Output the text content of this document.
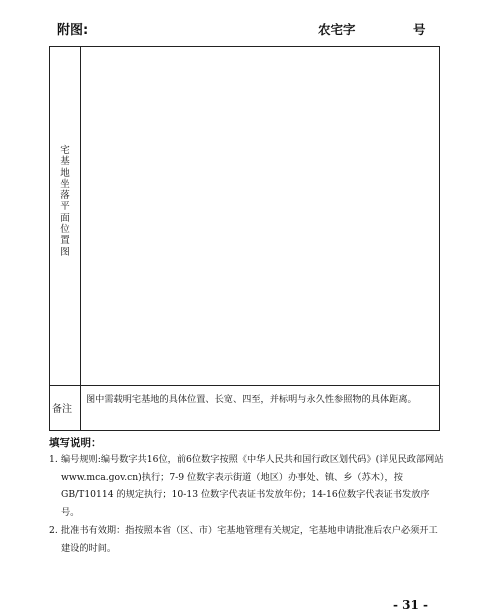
附图:	农宅字	号
宅
基
地
坐
落
平
面
位
置
图
备注
图中需载明宅基地的具体位置、长宽、四至，并标明与永久性参照物的具体距离。
填写说明：
1. 编号规则:编号数字共16位，前6位数字按照《中华人民共和国行政区划代码》(详见民政部网站 www.mca.gov.cn)执行；7-9 位数字表示街道（地区）办事处、镇、乡（苏木），按 GB/T10114 的规定执行；10-13 位数字代表证书发放年份；14-16位数字代表证书发放序号。
2. 批准书有效期：指按照本省（区、市）宅基地管理有关规定，宅基地申请批准后农户必须开工建设的时间。
- 31 -
